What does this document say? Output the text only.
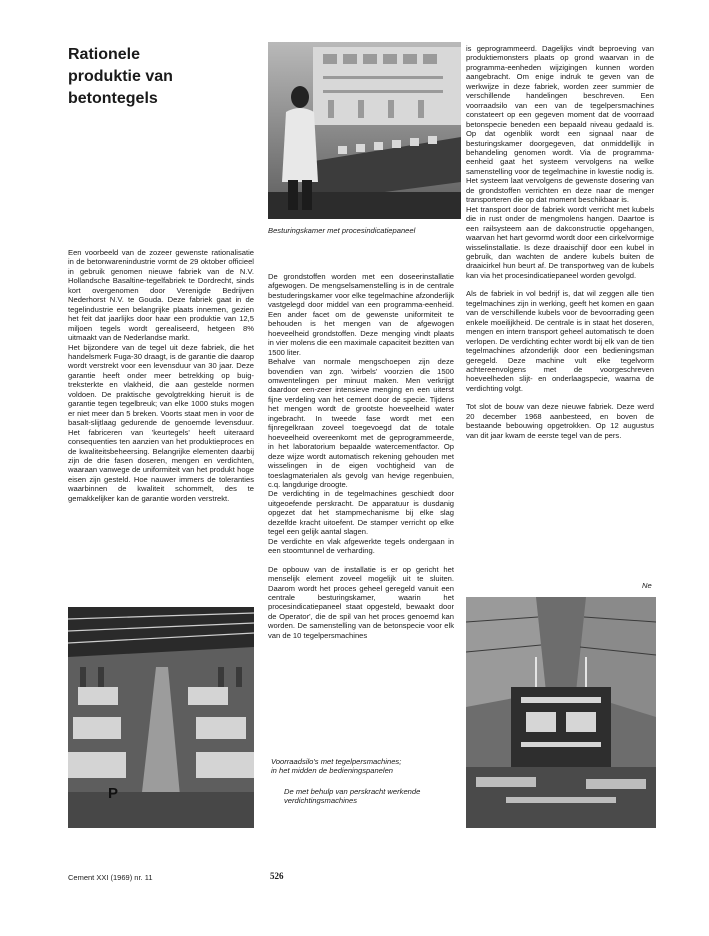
Rationele
produktie van
betontegels
Besturingskamer met procesindicatiepaneel

Een voorbeeld van de zozeer gewenste rationalisatie in de betonwarenindustrie vormt de 29 oktober officieel in gebruik genomen nieuwe fabriek van de N.V. Hollandsche Basaltine-tegelfabriek te Dordrecht, sinds kort overgenomen door Verenigde Bedrijven Nederhorst N.V. te Gouda. Deze fabriek gaat in de tegelindustrie een belangrijke plaats innemen, gezien het feit dat jaarlijks door haar een produktie van 12,5 miljoen tegels wordt gerealiseerd, hetgeen 8% uitmaakt van de Nederlandse markt.

Het bijzondere van de tegel uit deze fabriek, die het handelsmerk Fuga-30 draagt, is de garantie die daarop wordt verstrekt voor een levensduur van 30 jaar. Deze garantie heeft onder meer betrekking op buig-treksterkte en vlakheid, die aan gestelde normen voldoen. De praktische gevolgtrekking hieruit is de garantie tegen tegelbreuk; van elke 1000 stuks mogen er niet meer dan 5 breken. Voorts staat men in voor de basalt-slijtlaag gedurende de genoemde levensduur. Het fabriceren van 'keurtegels' heeft uiteraard consequenties ten aanzien van het produktieproces en de kwaliteitsbeheersing. Belangrijke elementen daarbij zijn de drie fasen doseren, mengen en verdichten, waaraan vanwege de uniformiteit van het produkt hoge eisen zijn gesteld. Hoe nauwer immers de toleranties waarbinnen de kwaliteit schommelt, des te gemakkelijker kan de garantie worden verstrekt.

P

De grondstoffen worden met een doseerinstallatie afgewogen. De mengselsamenstelling is in de centrale bestuderingskamer voor elke tegelmachine afzonderlijk vastgelegd door middel van een programma-eenheid. Een ander facet om de gewenste uniformiteit te behouden is het mengen van de afgewogen hoeveelheid grondstoffen. Deze menging vindt plaats in vier molens die een maximale capaciteit bezitten van 1500 liter.

Behalve van normale mengschoepen zijn deze bovendien van zgn. 'wirbels' voorzien die 1500 omwentelingen per minuut maken. Men verkrijgt daardoor een-zeer intensieve menging en een uiterst fijne verdeling van het cement door de specie. Tijdens het mengen wordt de grootste hoeveelheid water ingebracht. In tweede fase wordt met een fijnregelkraan zoveel toegevoegd dat de totale hoeveelheid overeenkomt met de geprogrammeerde, in het laboratorium bepaalde watercementfactor. Op deze wijze wordt automatisch rekening gehouden met wisselingen in de eigen vochtigheid van de toeslagmaterialen als gevolg van hevige regenbuien, c.q. langdurige droogte.

De verdichting in de tegelmachines geschiedt door uitgeoefende perskracht. De apparatuur is dusdanig opgezet dat het stampmechanisme bij elke slag dezelfde kracht uitoefent. De stamper verricht op elke tegel een gelijk aantal slagen.

De verdichte en vlak afgewerkte tegels ondergaan in een stoomtunnel de verharding.

De opbouw van de installatie is er op gericht het menselijk element zoveel mogelijk uit te sluiten. Daarom wordt het proces geheel geregeld vanuit een centrale besturingskamer, waarin het procesindicatiepaneel staat opgesteld, bewaakt door de Operator', die de spil van het proces genoemd kan worden. De samenstelling van de betonspecie voor elk van de 10 tegelpersmachines

Voorraadsilo's met tegelpersmachines;
in het midden de bedieningspanelen
De met behulp van perskracht werkende
verdichtingsmachines

is geprogrammeerd. Dagelijks vindt beproeving van produktiemonsters plaats op grond waarvan in de programma-eenheden wijzigingen kunnen worden aangebracht. Om enige indruk te geven van de werkwijze in deze fabriek, worden zeer summier de verschillende handelingen beschreven. Een voorraadsilo van een van de tegelpersmachines constateert op een gegeven moment dat de voorraad betonspecie beneden een bepaald niveau gedaald is. Op dat ogenblik wordt een signaal naar de besturingskamer doorgegeven, dat onmiddellijk in behandeling genomen wordt. Via de programma-eenheid gaat het systeem vervolgens na welke samenstelling voor de tegelmachine in kwestie nodig is. Het systeem laat vervolgens de gewenste dosering van de grondstoffen verrichten en deze naar de menger transporteren die op dat moment beschikbaar is.

Het transport door de fabriek wordt verricht met kubels die in rust onder de mengmolens hangen. Daartoe is een railsysteem aan de dakconstructie opgehangen, waarvan het hart gevormd wordt door een cirkelvormige wisselinstallatie. Is deze draaischijf door een kubel in gebruik, dan wachten de andere kubels buiten de draaicirkel hun beurt af. De transportweg van de kubels kan via het procesindicatiepaneel worden gevolgd.

Als de fabriek in vol bedrijf is, dat wil zeggen alle tien tegelmachines zijn in werking, geeft het komen en gaan van de verschillende kubels voor de bevoorrading geen enkele moeilijkheid. De centrale is in staat het doseren, mengen en intern transport geheel automatisch te doen verlopen. De verdichting echter wordt bij elk van de tien tegelmachines afzonderlijk door een bedieningsman geregeld. Deze machine vult elke tegelvorm achtereenvolgens met de voorgeschreven hoeveelheden slijt- en onderlaagspecie, waarna de verdichting volgt.

Tot slot de bouw van deze nieuwe fabriek. Deze werd 20 december 1968 aanbesteed, en boven de bestaande bebouwing opgetrokken. Op 12 augustus van dit jaar kwam de eerste tegel van de pers.

Ne
Cement XXI (1969) nr. 11	526
